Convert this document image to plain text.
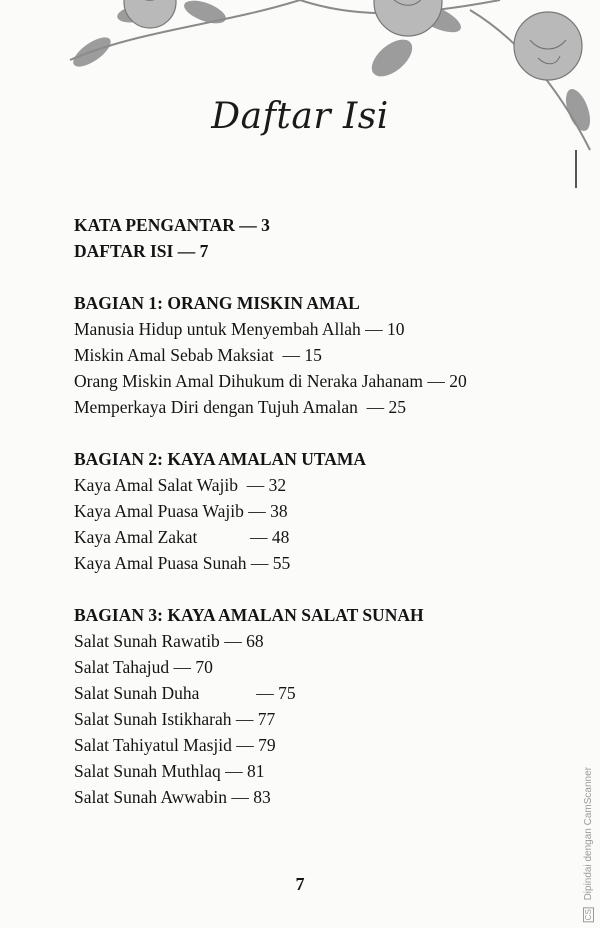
Daftar Isi
KATA PENGANTAR — 3
DAFTAR ISI — 7
BAGIAN 1: ORANG MISKIN AMAL
Manusia Hidup untuk Menyembah Allah — 10
Miskin Amal Sebab Maksiat  — 15
Orang Miskin Amal Dihukum di Neraka Jahanam — 20
Memperkaya Diri dengan Tujuh Amalan  — 25
BAGIAN 2: KAYA AMALAN UTAMA
Kaya Amal Salat Wajib  — 32
Kaya Amal Puasa Wajib — 38
Kaya Amal Zakat            — 48
Kaya Amal Puasa Sunah — 55
BAGIAN 3: KAYA AMALAN SALAT SUNAH
Salat Sunah Rawatib — 68
Salat Tahajud — 70
Salat Sunah Duha             — 75
Salat Sunah Istikharah — 77
Salat Tahiyatul Masjid — 79
Salat Sunah Muthlaq — 81
Salat Sunah Awwabin — 83
7
CS Dipindai dengan CamScanner
